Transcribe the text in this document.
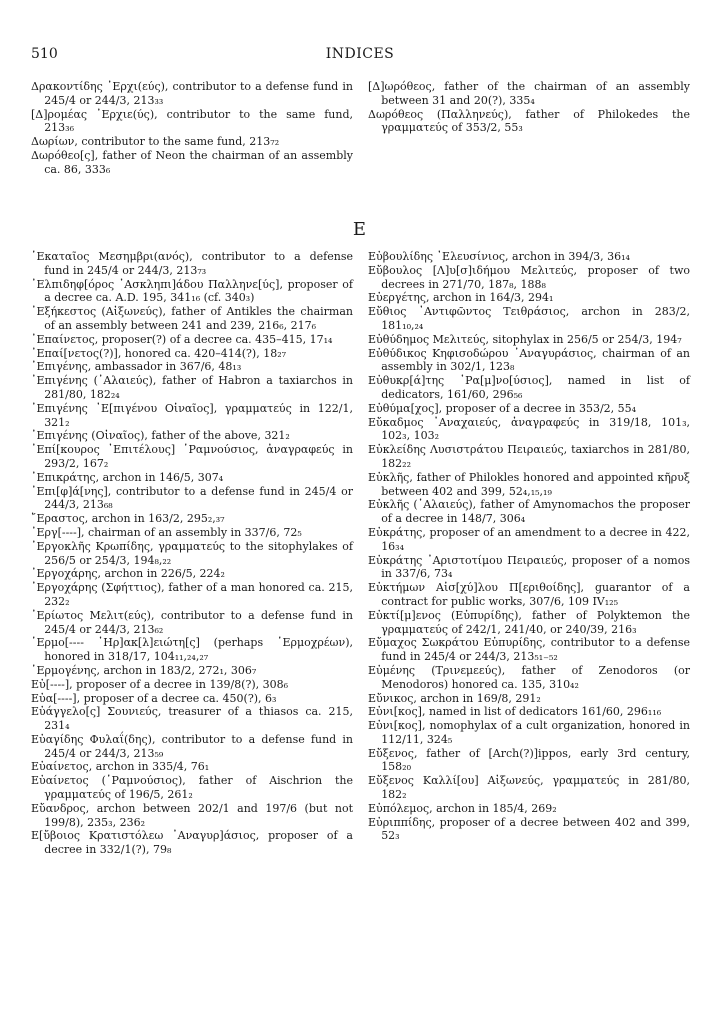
510	INDICES

Δρακοντίδης ᾿Ερχι(εύς), contributor to a defense fund in 245/4 or 244/3, 213₃₃

[Δ]ρομέας ᾿Ερχιε(ύς), contributor to the same fund, 213₃₆

Δωρίων, contributor to the same fund, 213₇₂

Δωρόθεο[ς], father of Neon the chairman of an assembly ca. 86, 333₆

[Δ]ωρόθεος, father of the chairman of an assembly between 31 and 20(?), 335₄

Δωρόθεος (Παλληνεύς), father of Philokedes the γραμματεύς of 353/2, 55₃

E

῾Εκαταῖος Μεσημβρι(ανός), contributor to a defense fund in 245/4 or 244/3, 213₇₃

᾿Ελπιδηφ[όρος ᾿Ασκληπι]άδου Παλληνε[ύς], proposer of a decree ca. A.D. 195, 341₁₆ (cf. 340₃)

᾿Εξήκεστος (Αἰξωνεύς), father of Antikles the chairman of an assembly between 241 and 239, 216₆, 217₆

᾿Επαίνετος, proposer(?) of a decree ca. 435–415, 17₁₄

᾿Επαί[νετος(?)], honored ca. 420–414(?), 18₂₇

᾿Επιγένης, ambassador in 367/6, 48₁₃

᾿Επιγένης (᾿Αλαιεύς), father of Habron a taxiarchos in 281/80, 182₂₄

᾿Επιγένης ᾿Ε[πιγένου Οἰναῖος], γραμματεύς in 122/1, 321₂

᾿Επιγένης (Οἰναῖος), father of the above, 321₂

᾿Επί[κουρος ᾿Επιτέλους] ῾Ραμνούσιος, ἀναγραφεύς in 293/2, 167₂

᾿Επικράτης, archon in 146/5, 307₄

᾿Επι[φ]ά[νης], contributor to a defense fund in 245/4 or 244/3, 213₆₈

῎Εραστος, archon in 163/2, 295₂,₃₇

᾿Εργ[----], chairman of an assembly in 337/6, 72₅

᾿Εργοκλῆς Κρωπίδης, γραμματεύς to the sitophylakes of 256/5 or 254/3, 194₈,₂₂

᾿Εργοχάρης, archon in 226/5, 224₂

᾿Εργοχάρης (Σφήττιος), father of a man honored ca. 215, 232₂

᾿Ερίωτος Μελιτ(εύς), contributor to a defense fund in 245/4 or 244/3, 213₆₂

῾Ερμο[---- ῾Ηρ]ακ[λ]ειώτη[ς] (perhaps ῾Ερμοχρέων), honored in 318/17, 104₁₁,₂₄,₂₇

῾Ερμογένης, archon in 183/2, 272₁, 306₇

Εὐ[----], proposer of a decree in 139/8(?), 308₆

Εὐα[----], proposer of a decree ca. 450(?), 6₃

Εὐάγγελο[ς] Σουνιεύς, treasurer of a thiasos ca. 215, 231₄

Εὐαγίδης Φυλαΐ(δης), contributor to a defense fund in 245/4 or 244/3, 213₅₉

Εὐαίνετος, archon in 335/4, 76₁

Εὐαίνετος (῾Ραμνούσιος), father of Aischrion the γραμματεύς of 196/5, 261₂

Εὔανδρος, archon between 202/1 and 197/6 (but not 199/8), 235₃, 236₂

Ε[ὔβοιος Κρατιστόλεω ᾿Αναγυρ]άσιος, proposer of a decree in 332/1(?), 79₈

Εὐβουλίδης ᾿Ελευσίνιος, archon in 394/3, 36₁₄

Εὔβουλος [Λ]υ[σ]ιδήμου Μελιτεύς, proposer of two decrees in 271/70, 187₈, 188₈

Εὐεργέτης, archon in 164/3, 294₁

Εὔθιος ᾿Αντιφῶντος Τειθράσιος, archon in 283/2, 181₁₀,₂₄

Εὐθύδημος Μελιτεύς, sitophylax in 256/5 or 254/3, 194₇

Εὐθύδικος Κηφισοδώρου ᾿Αναγυράσιος, chairman of an assembly in 302/1, 123₈

Εὐθυκρ[ά]της ῾Ρα[μ]νο[ύσιος], named in list of dedicators, 161/60, 296₅₆

Εὐθύμα[χος], proposer of a decree in 353/2, 55₄

Εὔκαδμος ᾿Αναχαιεύς, ἀναγραφεύς in 319/18, 101₃, 102₃, 103₂

Εὐκλείδης Λυσιστράτου Πειραιεύς, taxiarchos in 281/80, 182₂₂

Εὐκλῆς, father of Philokles honored and appointed κῆρυξ between 402 and 399, 52₄,₁₅,₁₉

Εὐκλῆς (᾿Αλαιεύς), father of Amynomachos the proposer of a decree in 148/7, 306₄

Εὐκράτης, proposer of an amendment to a decree in 422, 16₃₄

Εὐκράτης ᾿Αριστοτίμου Πειραιεύς, proposer of a nomos in 337/6, 73₄

Εὐκτήμων Αἰσ[χύ]λου Π[εριθοίδης], guarantor of a contract for public works, 307/6, 109 IV₁₂₅

Εὐκτί[μ]ενος (Εὐπυρίδης), father of Polyktemon the γραμματεύς of 242/1, 241/40, or 240/39, 216₃

Εὔμαχος Σωκράτου Εὐπυρίδης, contributor to a defense fund in 245/4 or 244/3, 213₅₁₋₅₂

Εὐμένης (Τρινεμεεύς), father of Zenodoros (or Menodoros) honored ca. 135, 310₄₂

Εὔνικος, archon in 169/8, 291₂

Εὐνι[κος], named in list of dedicators 161/60, 296₁₁₆

Εὐνι[κος], nomophylax of a cult organization, honored in 112/11, 324₅

Εὔξενος, father of [Arch(?)]ippos, early 3rd century, 158₂₀

Εὔξενος Καλλί[ου] Αἰξωνεύς, γραμματεύς in 281/80, 182₂

Εὐπόλεμος, archon in 185/4, 269₂

Εὐριππίδης, proposer of a decree between 402 and 399, 52₃
